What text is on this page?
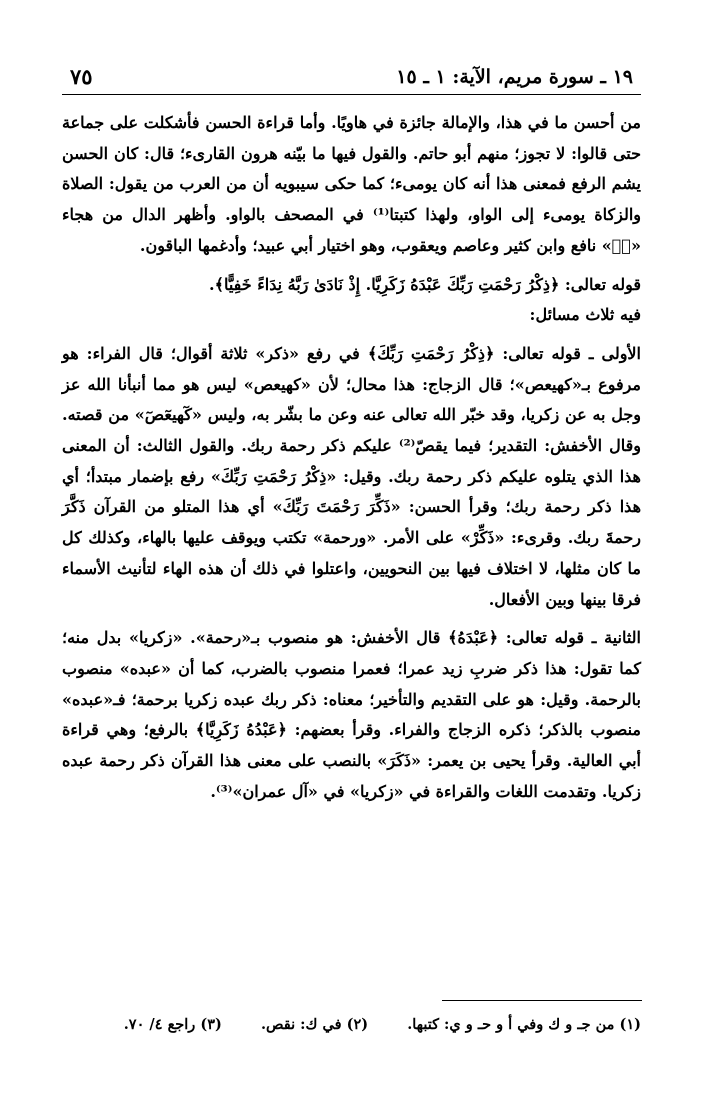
١٩ ـ سورة مريم، الآية: ١ ـ ١٥
٧٥

من أحسن ما في هذا، والإمالة جائزة في هاويًا. وأما قراءة الحسن فأشكلت على جماعة حتى قالوا: لا تجوز؛ منهم أبو حاتم. والقول فيها ما بيّنه هرون القارىء؛ قال: كان الحسن يشم الرفع فمعنى هذا أنه كان يومىء؛ كما حكى سيبويه أن من العرب من يقول: الصلاة والزكاة يومىء إلى الواو، ولهذا كتبتا⁽¹⁾ في المصحف بالواو. وأظهر الدال من هجاء «صۤ» نافع وابن كثير وعاصم ويعقوب، وهو اختيار أبي عبيد؛ وأدغمها الباقون.

قوله تعالى: ﴿ذِكْرُ رَحْمَتِ رَبِّكَ عَبْدَهُ زَكَرِيَّا. إِذْ نَادَىٰ رَبَّهُ نِدَاءً خَفِيًّا﴾.

فيه ثلاث مسائل:

الأولى ـ قوله تعالى: ﴿ذِكْرُ رَحْمَتِ رَبِّكَ﴾ في رفع «ذكر» ثلاثة أقوال؛ قال الفراء: هو مرفوع بـ«كهيعص»؛ قال الزجاج: هذا محال؛ لأن «كهيعص» ليس هو مما أنبأنا الله عز وجل به عن زكريا، وقد خبّر الله تعالى عنه وعن ما بشّر به، وليس «كٓهيعٓصٓ» من قصته. وقال الأخفش: التقدير؛ فيما يقصّ⁽²⁾ عليكم ذكر رحمة ربك. والقول الثالث: أن المعنى هذا الذي يتلوه عليكم ذكر رحمة ربك. وقيل: «ذِكْرُ رَحْمَتِ رَبِّكَ» رفع بإضمار مبتدأ؛ أي هذا ذكر رحمة ربك؛ وقرأ الحسن: «ذَكِّرَ رَحْمَتَ رَبِّكَ» أي هذا المتلو من القرآن ذَكَّرَ رحمةَ ربك. وقرىء: «ذَكِّرْ» على الأمر. «ورحمة» تكتب ويوقف عليها بالهاء، وكذلك كل ما كان مثلها، لا اختلاف فيها بين النحويين، واعتلوا في ذلك أن هذه الهاء لتأنيث الأسماء فرقا بينها وبين الأفعال.

الثانية ـ قوله تعالى: ﴿عَبْدَهُ﴾ قال الأخفش: هو منصوب بـ«رحمة». «زكريا» بدل منه؛ كما تقول: هذا ذكر ضربِ زيد عمرا؛ فعمرا منصوب بالضرب، كما أن «عبده» منصوب بالرحمة. وقيل: هو على التقديم والتأخير؛ معناه: ذكر ربك عبده زكريا برحمة؛ فـ«عبده» منصوب بالذكر؛ ذكره الزجاج والفراء. وقرأ بعضهم: ﴿عَبْدُهُ زَكَرِيَّا﴾ بالرفع؛ وهي قراءة أبي العالية. وقرأ يحيى بن يعمر: «ذَكَرَ» بالنصب على معنى هذا القرآن ذكر رحمة عبده زكريا. وتقدمت اللغات والقراءة في «زكريا» في «آل عمران»⁽³⁾.

(١) من جـ و ك وفي أ و حـ و ي: كتبها. (٢) في ك: نقص. (٣) راجع ٤/ ٧٠.
